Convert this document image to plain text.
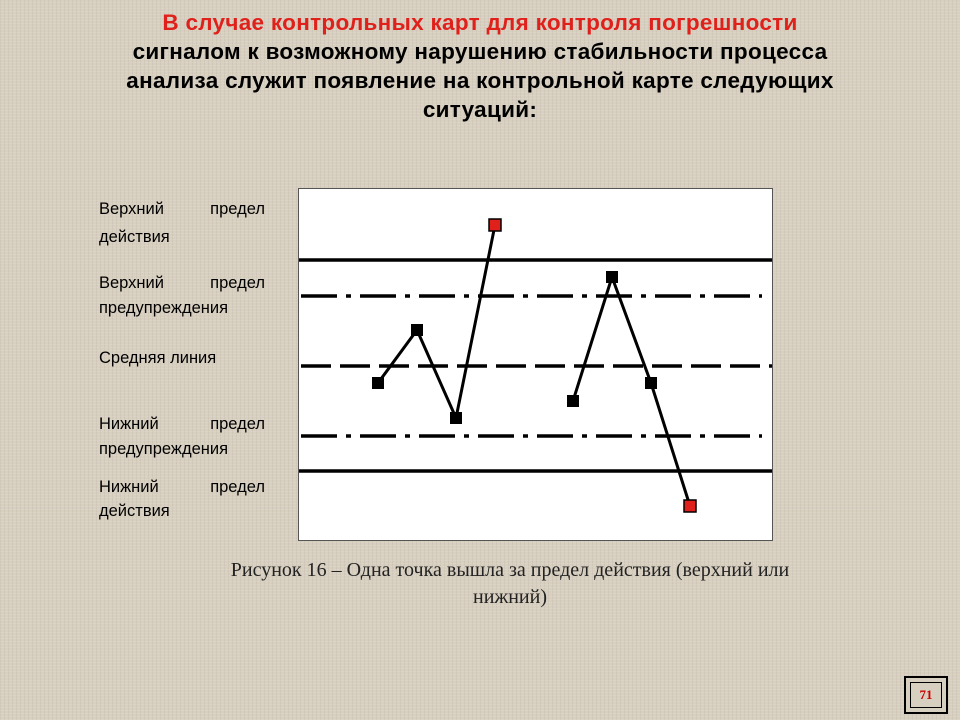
В случае контрольных карт для контроля погрешности
сигналом к возможному нарушению стабильности процесса
анализа служит появление на контрольной карте следующих
ситуаций:
Верхний предел
действия
Верхний предел
предупреждения
Средняя линия
Нижний предел
предупреждения
Нижний предел
действия
Рисунок 16 – Одна точка вышла за предел действия (верхний или
нижний)
71
